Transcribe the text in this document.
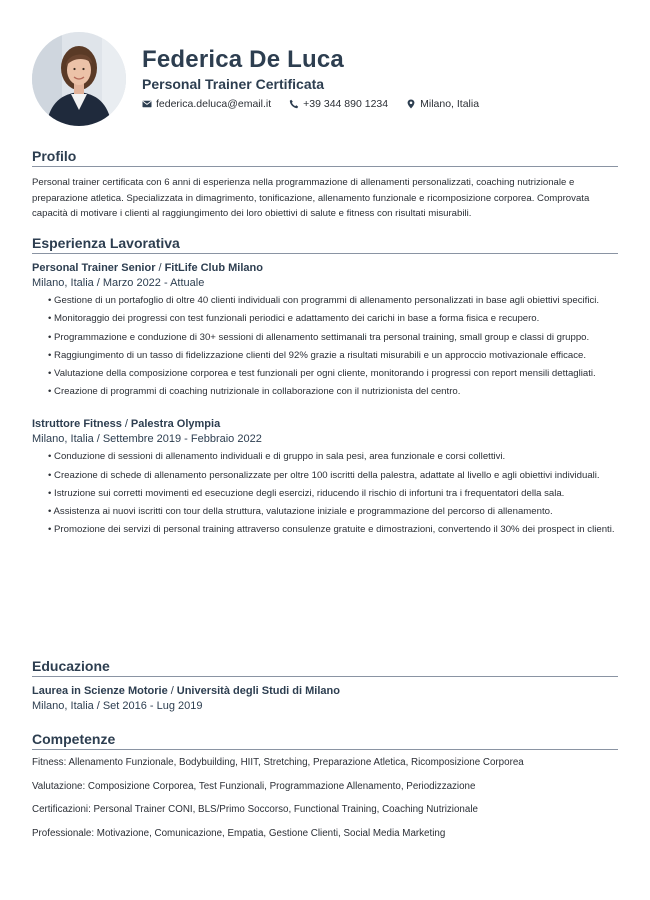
Federica De Luca
Personal Trainer Certificata
federica.deluca@email.it	+39 344 890 1234	Milano, Italia
Profilo

Personal trainer certificata con 6 anni di esperienza nella programmazione di allenamenti personalizzati, coaching nutrizionale e preparazione atletica. Specializzata in dimagrimento, tonificazione, allenamento funzionale e ricomposizione corporea. Comprovata capacità di motivare i clienti al raggiungimento dei loro obiettivi di salute e fitness con risultati misurabili.

Esperienza Lavorativa
Personal Trainer Senior / FitLife Club Milano
Milano, Italia / Marzo 2022 - Attuale
• Gestione di un portafoglio di oltre 40 clienti individuali con programmi di allenamento personalizzati in base agli obiettivi specifici.
• Monitoraggio dei progressi con test funzionali periodici e adattamento dei carichi in base a forma fisica e recupero.
• Programmazione e conduzione di 30+ sessioni di allenamento settimanali tra personal training, small group e classi di gruppo.
• Raggiungimento di un tasso di fidelizzazione clienti del 92% grazie a risultati misurabili e un approccio motivazionale efficace.
• Valutazione della composizione corporea e test funzionali per ogni cliente, monitorando i progressi con report mensili dettagliati.
• Creazione di programmi di coaching nutrizionale in collaborazione con il nutrizionista del centro.
Istruttore Fitness / Palestra Olympia
Milano, Italia / Settembre 2019 - Febbraio 2022
• Conduzione di sessioni di allenamento individuali e di gruppo in sala pesi, area funzionale e corsi collettivi.
• Creazione di schede di allenamento personalizzate per oltre 100 iscritti della palestra, adattate al livello e agli obiettivi individuali.
• Istruzione sui corretti movimenti ed esecuzione degli esercizi, riducendo il rischio di infortuni tra i frequentatori della sala.
• Assistenza ai nuovi iscritti con tour della struttura, valutazione iniziale e programmazione del percorso di allenamento.
• Promozione dei servizi di personal training attraverso consulenze gratuite e dimostrazioni, convertendo il 30% dei prospect in clienti.
Educazione
Laurea in Scienze Motorie / Università degli Studi di Milano
Milano, Italia / Set 2016 - Lug 2019
Competenze
Fitness: Allenamento Funzionale, Bodybuilding, HIIT, Stretching, Preparazione Atletica, Ricomposizione Corporea
Valutazione: Composizione Corporea, Test Funzionali, Programmazione Allenamento, Periodizzazione
Certificazioni: Personal Trainer CONI, BLS/Primo Soccorso, Functional Training, Coaching Nutrizionale
Professionale: Motivazione, Comunicazione, Empatia, Gestione Clienti, Social Media Marketing
